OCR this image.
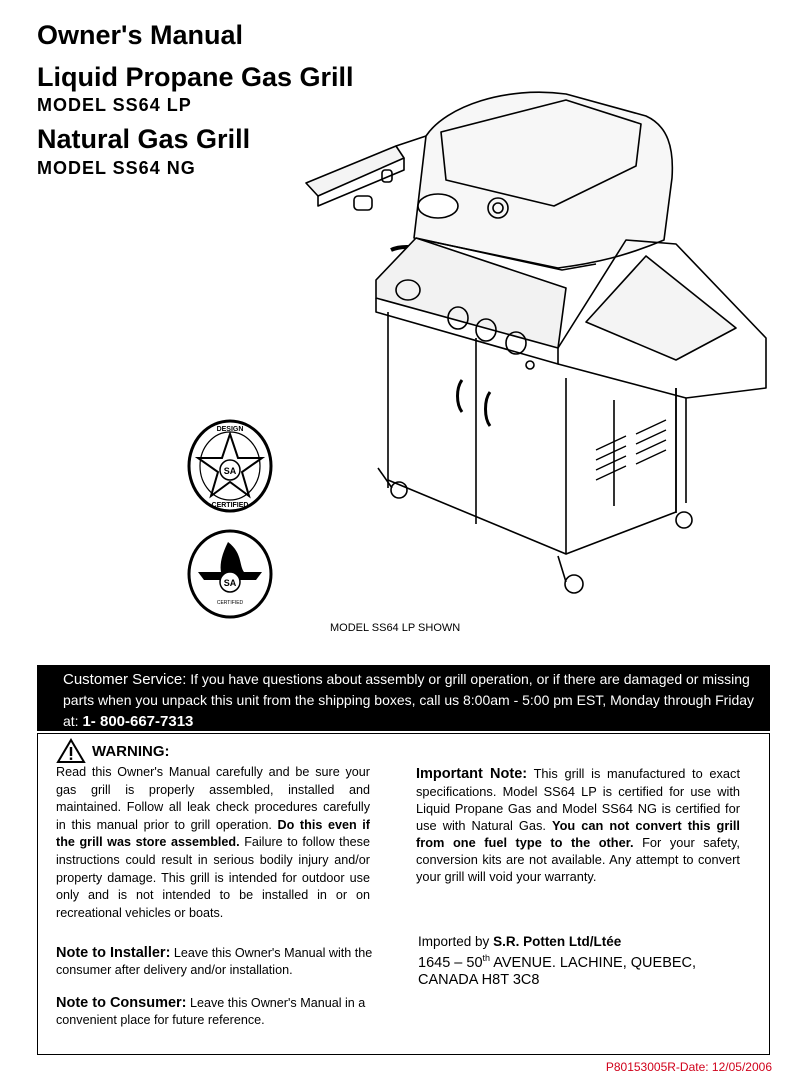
Owner's Manual
Liquid Propane Gas Grill
MODEL SS64 LP
Natural Gas Grill
MODEL SS64 NG
SA
DESIGN
CERTIFIED
SA
CERTIFIED
MODEL SS64 LP SHOWN
Customer Service: If you have questions about assembly or grill operation, or if there are damaged or missing parts when you unpack this unit from the shipping boxes, call us 8:00am - 5:00 pm EST, Monday through Friday at: 1- 800-667-7313
WARNING:
Read this Owner's Manual carefully and be sure your gas grill is properly assembled, installed and maintained. Follow all leak check procedures carefully in this manual prior to grill operation. Do this even if the grill was store assembled. Failure to follow these instructions could result in serious bodily injury and/or property damage. This grill is intended for outdoor use only and is not intended to be installed in or on recreational vehicles or boats.
Note to Installer: Leave this Owner's Manual with the consumer after delivery and/or installation.
Note to Consumer: Leave this Owner's Manual in a convenient place for future reference.
Important Note: This grill is manufactured to exact specifications. Model SS64 LP is certified for use with Liquid Propane Gas and Model SS64 NG is certified for use with Natural Gas. You can not convert this grill from one fuel type to the other. For your safety, conversion kits are not available. Any attempt to convert your grill will void your warranty.
Imported by S.R. Potten Ltd/Ltée
1645 – 50th AVENUE. LACHINE, QUEBEC,
CANADA H8T 3C8
P80153005R-Date: 12/05/2006
